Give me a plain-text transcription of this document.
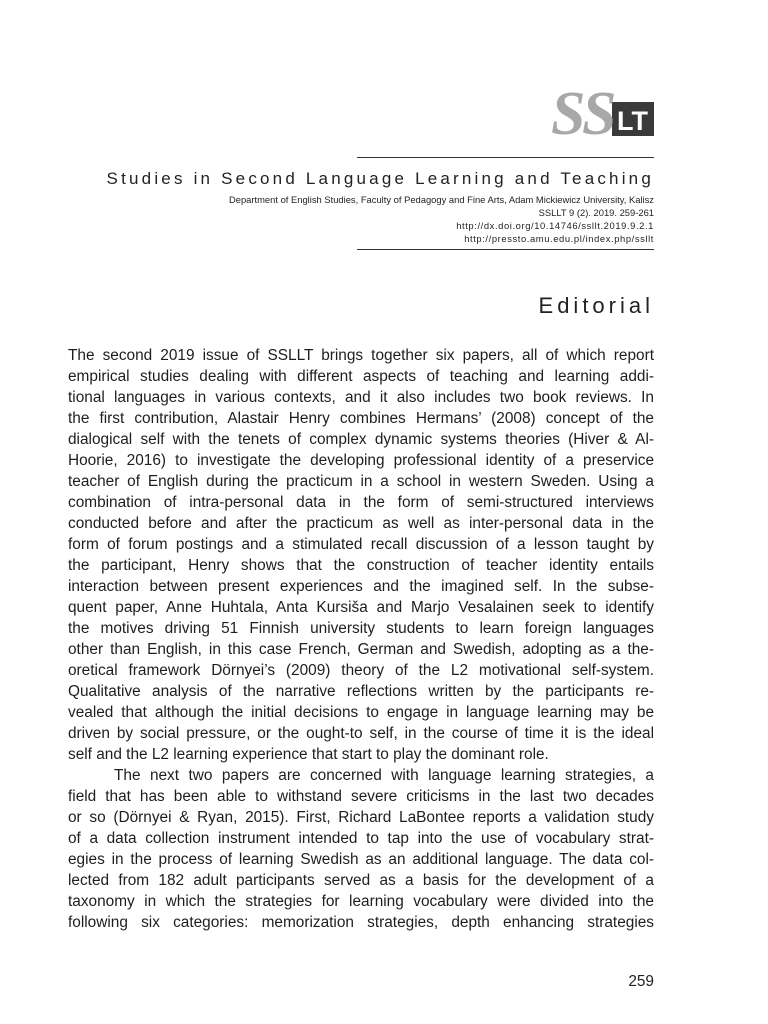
S
S LT
Studies in Second Language Learning and Teaching
Department of English Studies, Faculty of Pedagogy and Fine Arts, Adam Mickiewicz University, Kalisz
SSLLT 9 (2). 2019. 259-261
http://dx.doi.org/10.14746/ssllt.2019.9.2.1
http://pressto.amu.edu.pl/index.php/ssllt
Editorial
The second 2019 issue of SSLLT brings together six papers, all of which report
empirical studies dealing with different aspects of teaching and learning addi-
tional languages in various contexts, and it also includes two book reviews. In
the first contribution, Alastair Henry combines Hermans’ (2008) concept of the
dialogical self with the tenets of complex dynamic systems theories (Hiver & Al-
Hoorie, 2016) to investigate the developing professional identity of a preservice
teacher of English during the practicum in a school in western Sweden. Using a
combination of intra-personal data in the form of semi-structured interviews
conducted before and after the practicum as well as inter-personal data in the
form of forum postings and a stimulated recall discussion of a lesson taught by
the participant, Henry shows that the construction of teacher identity entails
interaction between present experiences and the imagined self. In the subse-
quent paper, Anne Huhtala, Anta Kursiša and Marjo Vesalainen seek to identify
the motives driving 51 Finnish university students to learn foreign languages
other than English, in this case French, German and Swedish, adopting as a the-
oretical framework Dörnyei’s (2009) theory of the L2 motivational self-system.
Qualitative analysis of the narrative reflections written by the participants re-
vealed that although the initial decisions to engage in language learning may be
driven by social pressure, or the ought-to self, in the course of time it is the ideal
self and the L2 learning experience that start to play the dominant role.
The next two papers are concerned with language learning strategies, a
field that has been able to withstand severe criticisms in the last two decades
or so (Dörnyei & Ryan, 2015). First, Richard LaBontee reports a validation study
of a data collection instrument intended to tap into the use of vocabulary strat-
egies in the process of learning Swedish as an additional language. The data col-
lected from 182 adult participants served as a basis for the development of a
taxonomy in which the strategies for learning vocabulary were divided into the
following six categories: memorization strategies, depth enhancing strategies
259
